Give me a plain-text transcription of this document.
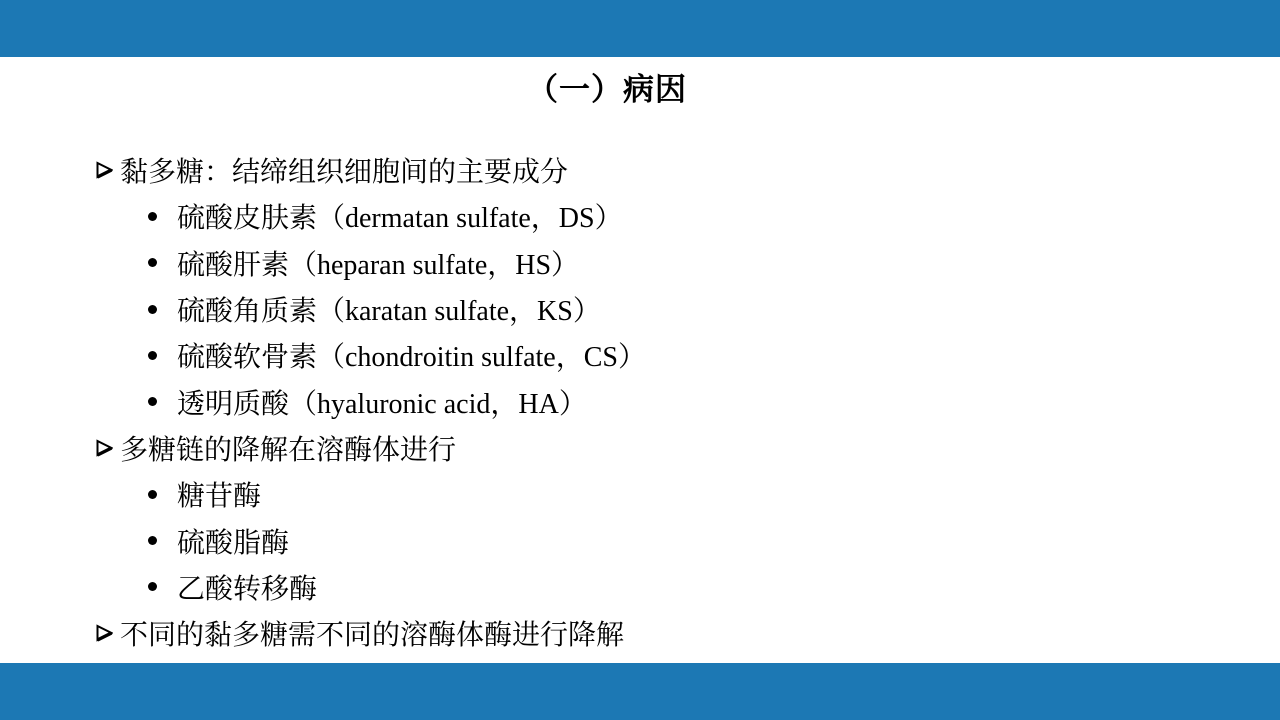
（一）病因
黏多糖：结缔组织细胞间的主要成分
硫酸皮肤素（dermatan sulfate，DS）
硫酸肝素（heparan sulfate，HS）
硫酸角质素（karatan sulfate，KS）
硫酸软骨素（chondroitin sulfate，CS）
透明质酸（hyaluronic acid，HA）
多糖链的降解在溶酶体进行
糖苷酶
硫酸脂酶
乙酸转移酶
不同的黏多糖需不同的溶酶体酶进行降解
